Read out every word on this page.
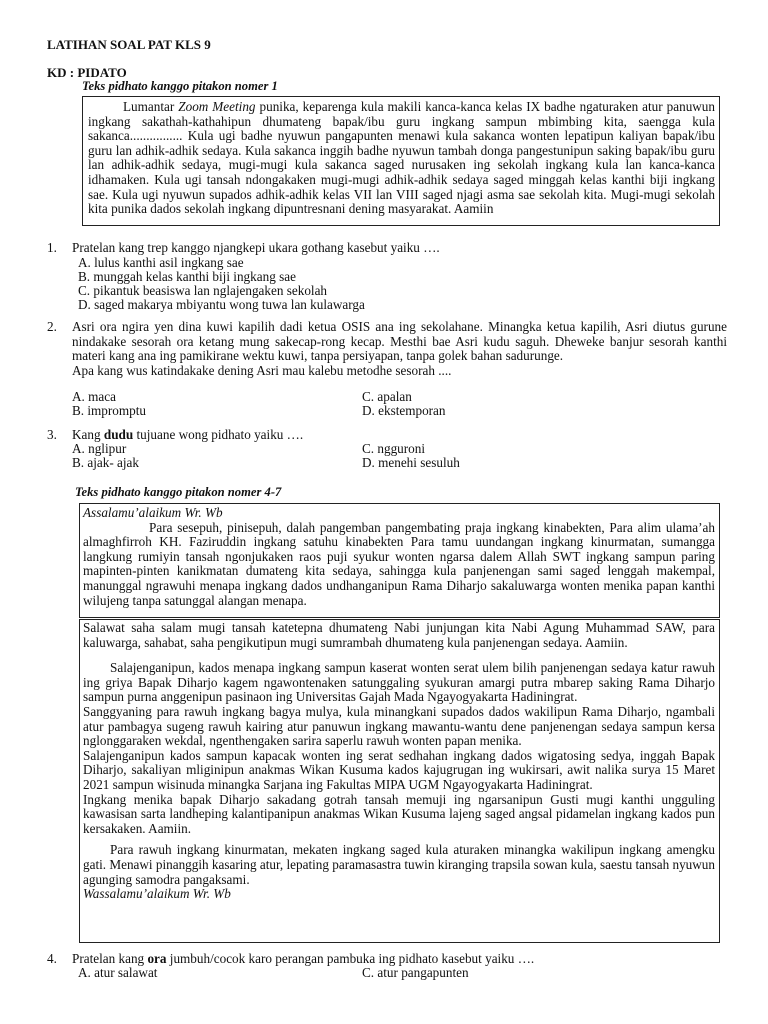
LATIHAN SOAL PAT KLS 9
KD : PIDATO
Teks pidhato kanggo pitakon nomer 1

Lumantar Zoom Meeting punika, keparenga kula makili kanca-kanca kelas IX badhe ngaturaken atur panuwun ingkang sakathah-kathahipun dhumateng bapak/ibu guru ingkang sampun mbimbing kita, saengga kula sakanca................ Kula ugi badhe nyuwun pangapunten menawi kula sakanca wonten lepatipun kaliyan bapak/ibu guru lan adhik-adhik sedaya. Kula sakanca inggih badhe nyuwun tambah donga pangestunipun saking bapak/ibu guru lan adhik-adhik sedaya, mugi-mugi kula sakanca saged nurusaken ing sekolah ingkang kula lan kanca-kanca idhamaken. Kula ugi tansah ndongakaken mugi-mugi adhik-adhik sedaya saged minggah kelas kanthi biji ingkang sae. Kula ugi nyuwun supados adhik-adhik kelas VII lan VIII saged njagi asma sae sekolah kita. Mugi-mugi sekolah kita punika dados sekolah ingkang dipuntresnani dening masyarakat. Aamiin

1. Pratelan kang trep kanggo njangkepi ukara gothang kasebut yaiku ….
A. lulus kanthi asil ingkang sae
B. munggah kelas kanthi biji ingkang sae
C. pikantuk beasiswa lan nglajengaken sekolah
D. saged makarya mbiyantu wong tuwa lan kulawarga
2. Asri ora ngira yen dina kuwi kapilih dadi ketua OSIS ana ing sekolahane. Minangka ketua kapilih, Asri diutus gurune nindakake sesorah ora ketang mung sakecap-rong kecap. Mesthi bae Asri kudu saguh. Dheweke banjur sesorah kanthi materi kang ana ing pamikirane wektu kuwi, tanpa persiyapan, tanpa golek bahan sadurunge.
Apa kang wus katindakake dening Asri mau kalebu metodhe sesorah ....
A. maca	C. apalan
B. impromptu	D. ekstemporan
3. Kang dudu tujuane wong pidhato yaiku ….
A. nglipur	C. ngguroni
B. ajak- ajak	D. menehi sesuluh
Teks pidhato kanggo pitakon nomer 4-7

Assalamu’alaikum Wr. Wb

Para sesepuh, pinisepuh, dalah pangemban pangembating praja ingkang kinabekten, Para alim ulama’ah almaghfirroh KH. Faziruddin ingkang satuhu kinabekten Para tamu uundangan ingkang kinurmatan, sumangga langkung rumiyin tansah ngonjukaken raos puji syukur wonten ngarsa dalem Allah SWT ingkang sampun paring mapinten-pinten kanikmatan dumateng kita sedaya, sahingga kula panjenengan sami saged lenggah makempal, manunggal ngrawuhi menapa ingkang dados undhanganipun Rama Diharjo sakaluwarga wonten menika papan kanthi wilujeng tanpa satunggal alangan menapa.

Salawat saha salam mugi tansah katetepna dhumateng Nabi junjungan kita Nabi Agung Muhammad SAW, para kaluwarga, sahabat, saha pengikutipun mugi sumrambah dhumateng kula panjenengan sedaya. Aamiin.

Salajenganipun, kados menapa ingkang sampun kaserat wonten serat ulem bilih panjenengan sedaya katur rawuh ing griya Bapak Diharjo kagem ngawontenaken satunggaling syukuran amargi putra mbarep saking Rama Diharjo sampun purna anggenipun pasinaon ing Universitas Gajah Mada Ngayogyakarta Hadiningrat.

Sanggyaning para rawuh ingkang bagya mulya, kula minangkani supados dados wakilipun Rama Diharjo, ngambali atur pambagya sugeng rawuh kairing atur panuwun ingkang mawantu-wantu dene panjenengan sedaya sampun kersa nglonggaraken wekdal, ngenthengaken sarira saperlu rawuh wonten papan menika.

Salajenganipun kados sampun kapacak wonten ing serat sedhahan ingkang dados wigatosing sedya, inggah Bapak Diharjo, sakaliyan mliginipun anakmas Wikan Kusuma kados kajugrugan ing wukirsari, awit nalika surya 15 Maret 2021 sampun wisinuda minangka Sarjana ing Fakultas MIPA UGM Ngayogyakarta Hadiningrat.

Ingkang menika bapak Diharjo sakadang gotrah tansah memuji ing ngarsanipun Gusti mugi kanthi ungguling kawasisan sarta landheping kalantipanipun anakmas Wikan Kusuma lajeng saged angsal pidamelan ingkang kados pun kersakaken. Aamiin.

Para rawuh ingkang kinurmatan, mekaten ingkang saged kula aturaken minangka wakilipun ingkang amengku gati. Menawi pinanggih kasaring atur, lepating paramasastra tuwin kiranging trapsila sowan kula, saestu tansah nyuwun agunging samodra pangaksami.

Wassalamu’alaikum Wr. Wb

4. Pratelan kang ora jumbuh/cocok karo perangan pambuka ing pidhato kasebut yaiku ….
A. atur salawat	C. atur pangapunten
